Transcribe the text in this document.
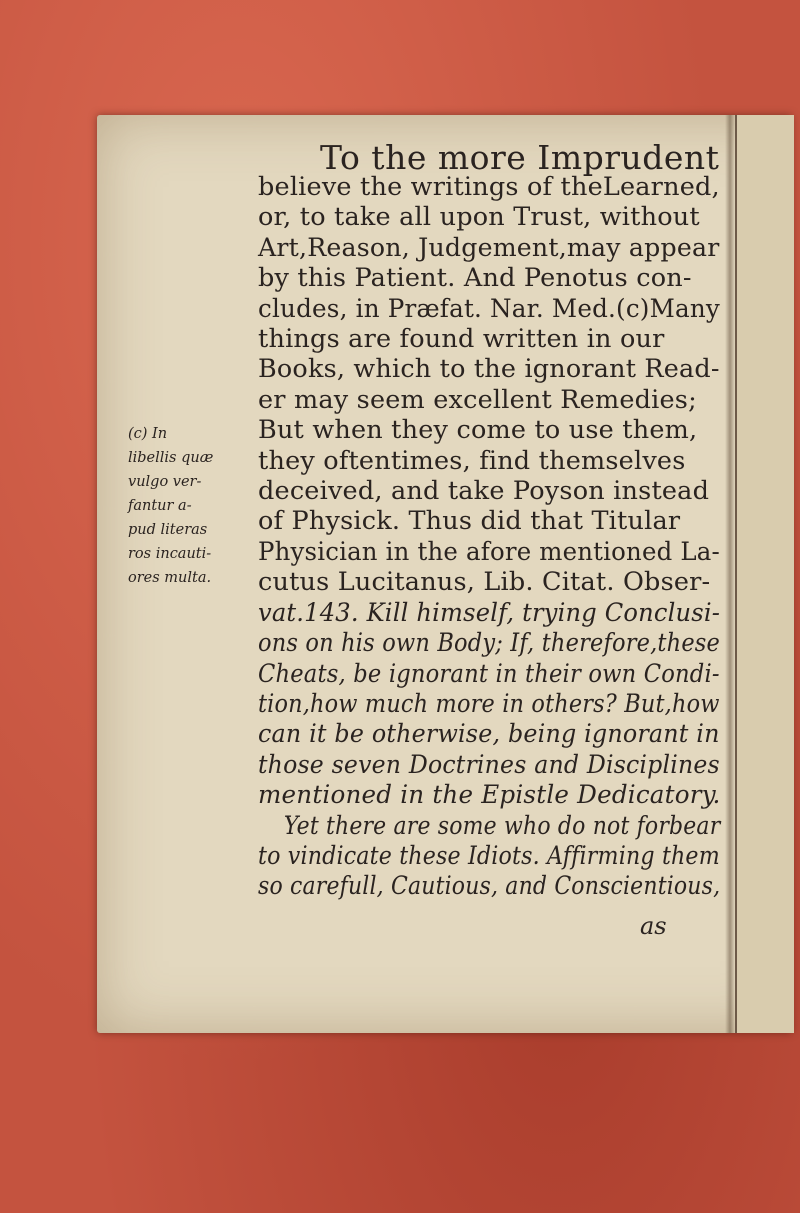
To the more Imprudent
(c) In
libellis quæ
vulgo ver-
fantur a-
pud literas
ros incauti-
ores multa.
believe the writings of theLearned,
or, to take all upon Trust, without
Art,Reason, Judgement,may appear
by this Patient. And Penotus con-
cludes, in Præfat. Nar. Med.(c)Many
things are found written in our
Books, which to the ignorant Read-
er may seem excellent Remedies;
But when they come to use them,
they oftentimes, find themselves
deceived, and take Poyson instead
of Physick. Thus did that Titular
Physician in the afore mentioned La-
cutus Lucitanus, Lib. Citat. Obser-
vat.143. Kill himself, trying Conclusi-
ons on his own Body; If, therefore,these
Cheats, be ignorant in their own Condi-
tion,how much more in others? But,how
can it be otherwise, being ignorant in
those seven Doctrines and Disciplines
mentioned in the Epistle Dedicatory.
Yet there are some who do not forbear
to vindicate these Idiots. Affirming them
so carefull, Cautious, and Conscientious,
as
